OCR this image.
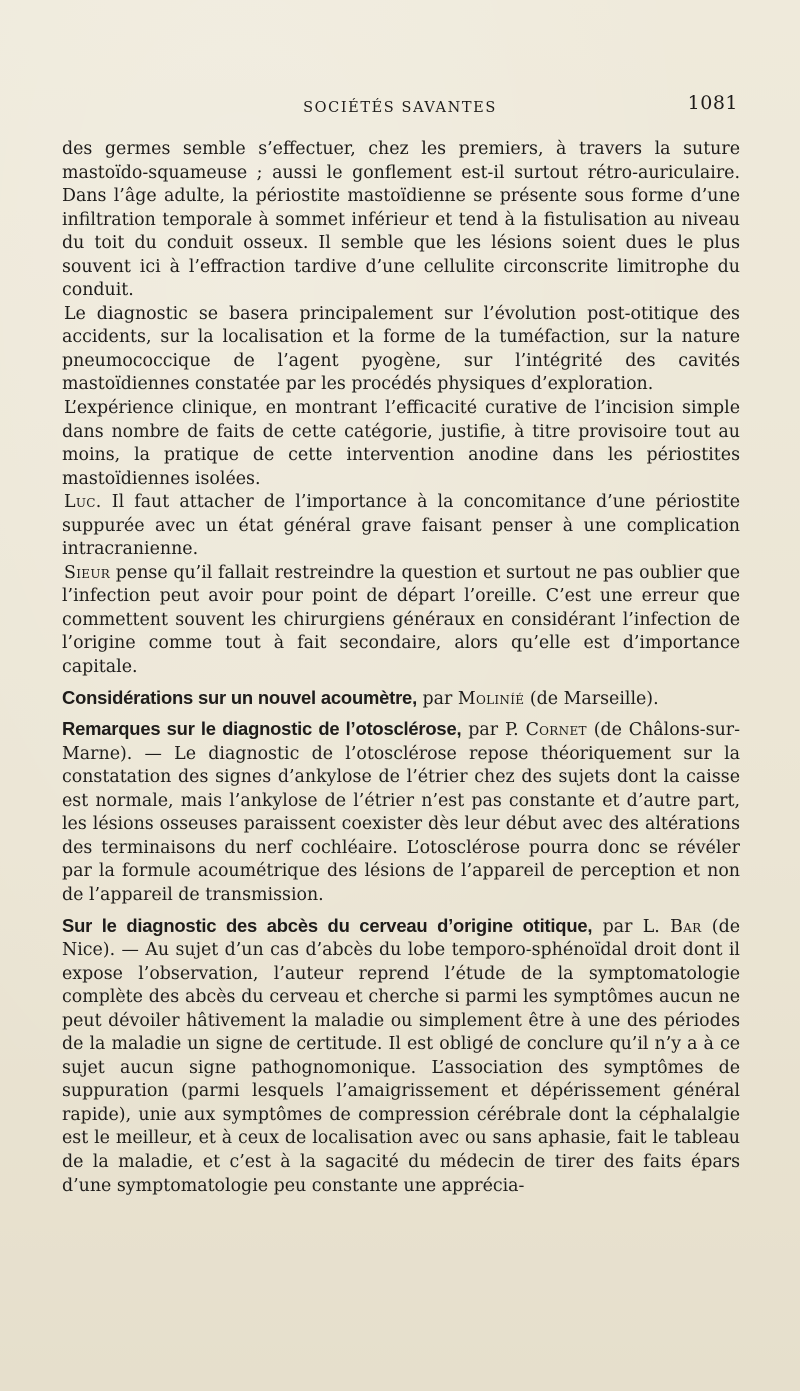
SOCIÉTÉS SAVANTES	1081

des germes semble s’effectuer, chez les premiers, à travers la suture mastoïdo-squameuse ; aussi le gonflement est-il surtout rétro-auriculaire. Dans l’âge adulte, la périostite mastoïdienne se présente sous forme d’une infiltration temporale à sommet inférieur et tend à la fistulisation au niveau du toit du conduit osseux. Il semble que les lésions soient dues le plus souvent ici à l’effraction tardive d’une cellulite circonscrite limitrophe du conduit.

Le diagnostic se basera principalement sur l’évolution post-otitique des accidents, sur la localisation et la forme de la tuméfaction, sur la nature pneumococcique de l’agent pyogène, sur l’intégrité des cavités mastoïdiennes constatée par les procédés physiques d’exploration.

L’expérience clinique, en montrant l’efficacité curative de l’incision simple dans nombre de faits de cette catégorie, justifie, à titre provisoire tout au moins, la pratique de cette intervention anodine dans les périostites mastoïdiennes isolées.

Luc. Il faut attacher de l’importance à la concomitance d’une périostite suppurée avec un état général grave faisant penser à une complication intracranienne.

Sieur pense qu’il fallait restreindre la question et surtout ne pas oublier que l’infection peut avoir pour point de départ l’oreille. C’est une erreur que commettent souvent les chirurgiens généraux en considérant l’infection de l’origine comme tout à fait secondaire, alors qu’elle est d’importance capitale.

Considérations sur un nouvel acoumètre, par Moliníé (de Marseille).

Remarques sur le diagnostic de l’otosclérose, par P. Cornet (de Châlons-sur-Marne). — Le diagnostic de l’otosclérose repose théoriquement sur la constatation des signes d’ankylose de l’étrier chez des sujets dont la caisse est normale, mais l’ankylose de l’étrier n’est pas constante et d’autre part, les lésions osseuses paraissent coexister dès leur début avec des altérations des terminaisons du nerf cochléaire. L’otosclérose pourra donc se révéler par la formule acoumétrique des lésions de l’appareil de perception et non de l’appareil de transmission.

Sur le diagnostic des abcès du cerveau d’origine otitique, par L. Bar (de Nice). — Au sujet d’un cas d’abcès du lobe temporo-sphénoïdal droit dont il expose l’observation, l’auteur reprend l’étude de la symptomatologie complète des abcès du cerveau et cherche si parmi les symptômes aucun ne peut dévoiler hâtivement la maladie ou simplement être à une des périodes de la maladie un signe de certitude. Il est obligé de conclure qu’il n’y a à ce sujet aucun signe pathognomonique. L’association des symptômes de suppuration (parmi lesquels l’amaigrissement et dépérissement général rapide), unie aux symptômes de compression cérébrale dont la céphalalgie est le meilleur, et à ceux de localisation avec ou sans aphasie, fait le tableau de la maladie, et c’est à la sagacité du médecin de tirer des faits épars d’une symptomatologie peu constante une apprécia-
